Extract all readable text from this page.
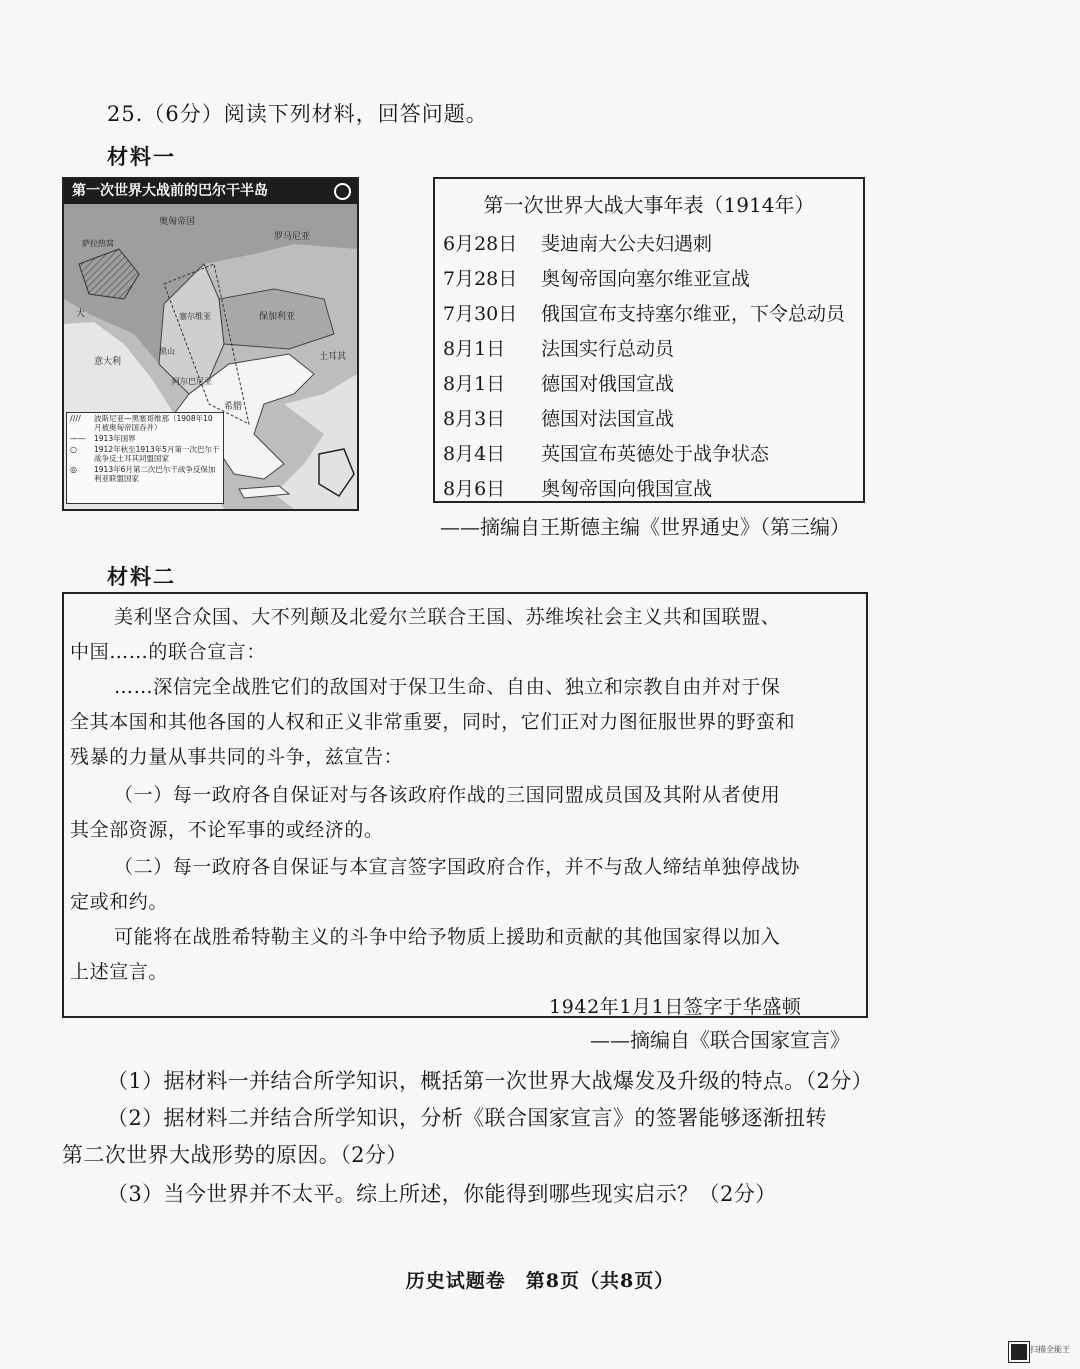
25.（6分）阅读下列材料，回答问题。
材料一
第一次世界大战前的巴尔干半岛
奥匈帝国
萨拉热窝
罗马尼亚
塞尔维亚	保加利亚
黑山
阿尔巴尼亚
希腊
土耳其
意大利
大
////	波斯尼亚—黑塞哥维那（1908年10月被奥匈帝国吞并）
——	1913年国界
○	1912年秋至1913年5月第一次巴尔干战争反土耳其同盟国家
◎	1913年6月第二次巴尔干战争反保加利亚联盟国家
第一次世界大战大事年表（1914年）
6月28日 斐迪南大公夫妇遇刺
7月28日 奥匈帝国向塞尔维亚宣战
7月30日 俄国宣布支持塞尔维亚，下令总动员
8月1日 法国实行总动员
8月1日 德国对俄国宣战
8月3日 德国对法国宣战
8月4日 英国宣布英德处于战争状态
8月6日 奥匈帝国向俄国宣战
——摘编自王斯德主编《世界通史》（第三编）
材料二
美利坚合众国、大不列颠及北爱尔兰联合王国、苏维埃社会主义共和国联盟、
中国……的联合宣言：
……深信完全战胜它们的敌国对于保卫生命、自由、独立和宗教自由并对于保
全其本国和其他各国的人权和正义非常重要，同时，它们正对力图征服世界的野蛮和
残暴的力量从事共同的斗争，兹宣告：
（一）每一政府各自保证对与各该政府作战的三国同盟成员国及其附从者使用
其全部资源，不论军事的或经济的。
（二）每一政府各自保证与本宣言签字国政府合作，并不与敌人缔结单独停战协
定或和约。
可能将在战胜希特勒主义的斗争中给予物质上援助和贡献的其他国家得以加入
上述宣言。
1942年1月1日签字于华盛顿
——摘编自《联合国家宣言》
（1）据材料一并结合所学知识，概括第一次世界大战爆发及升级的特点。（2分）
（2）据材料二并结合所学知识，分析《联合国家宣言》的签署能够逐渐扭转
第二次世界大战形势的原因。（2分）
（3）当今世界并不太平。综上所述，你能得到哪些现实启示？（2分）
历史试题卷　第8页（共8页）
扫描全能王
